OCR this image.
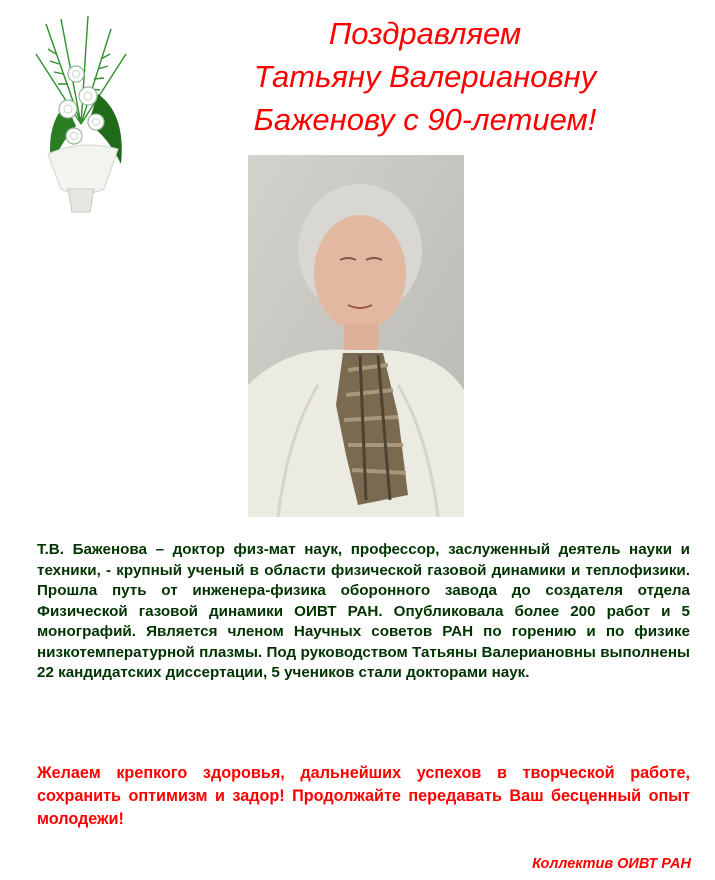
Поздравляем
Татьяну Валериановну
Баженову с 90-летием!

Т.В. Баженова – доктор физ-мат наук, профессор, заслуженный деятель науки и техники, - крупный ученый в области физической газовой динамики и теплофизики. Прошла путь от инженера-физика оборонного завода до создателя отдела Физической газовой динамики ОИВТ РАН. Опубликовала более 200 работ и 5 монографий. Является членом Научных советов РАН по горению и по физике низкотемпературной плазмы. Под руководством Татьяны Валериановны выполнены 22 кандидатских диссертации, 5 учеников стали докторами наук.

Желаем крепкого здоровья, дальнейших успехов в творческой работе, сохранить оптимизм и задор! Продолжайте передавать Ваш бесценный опыт молодежи!

Коллектив ОИВТ РАН
